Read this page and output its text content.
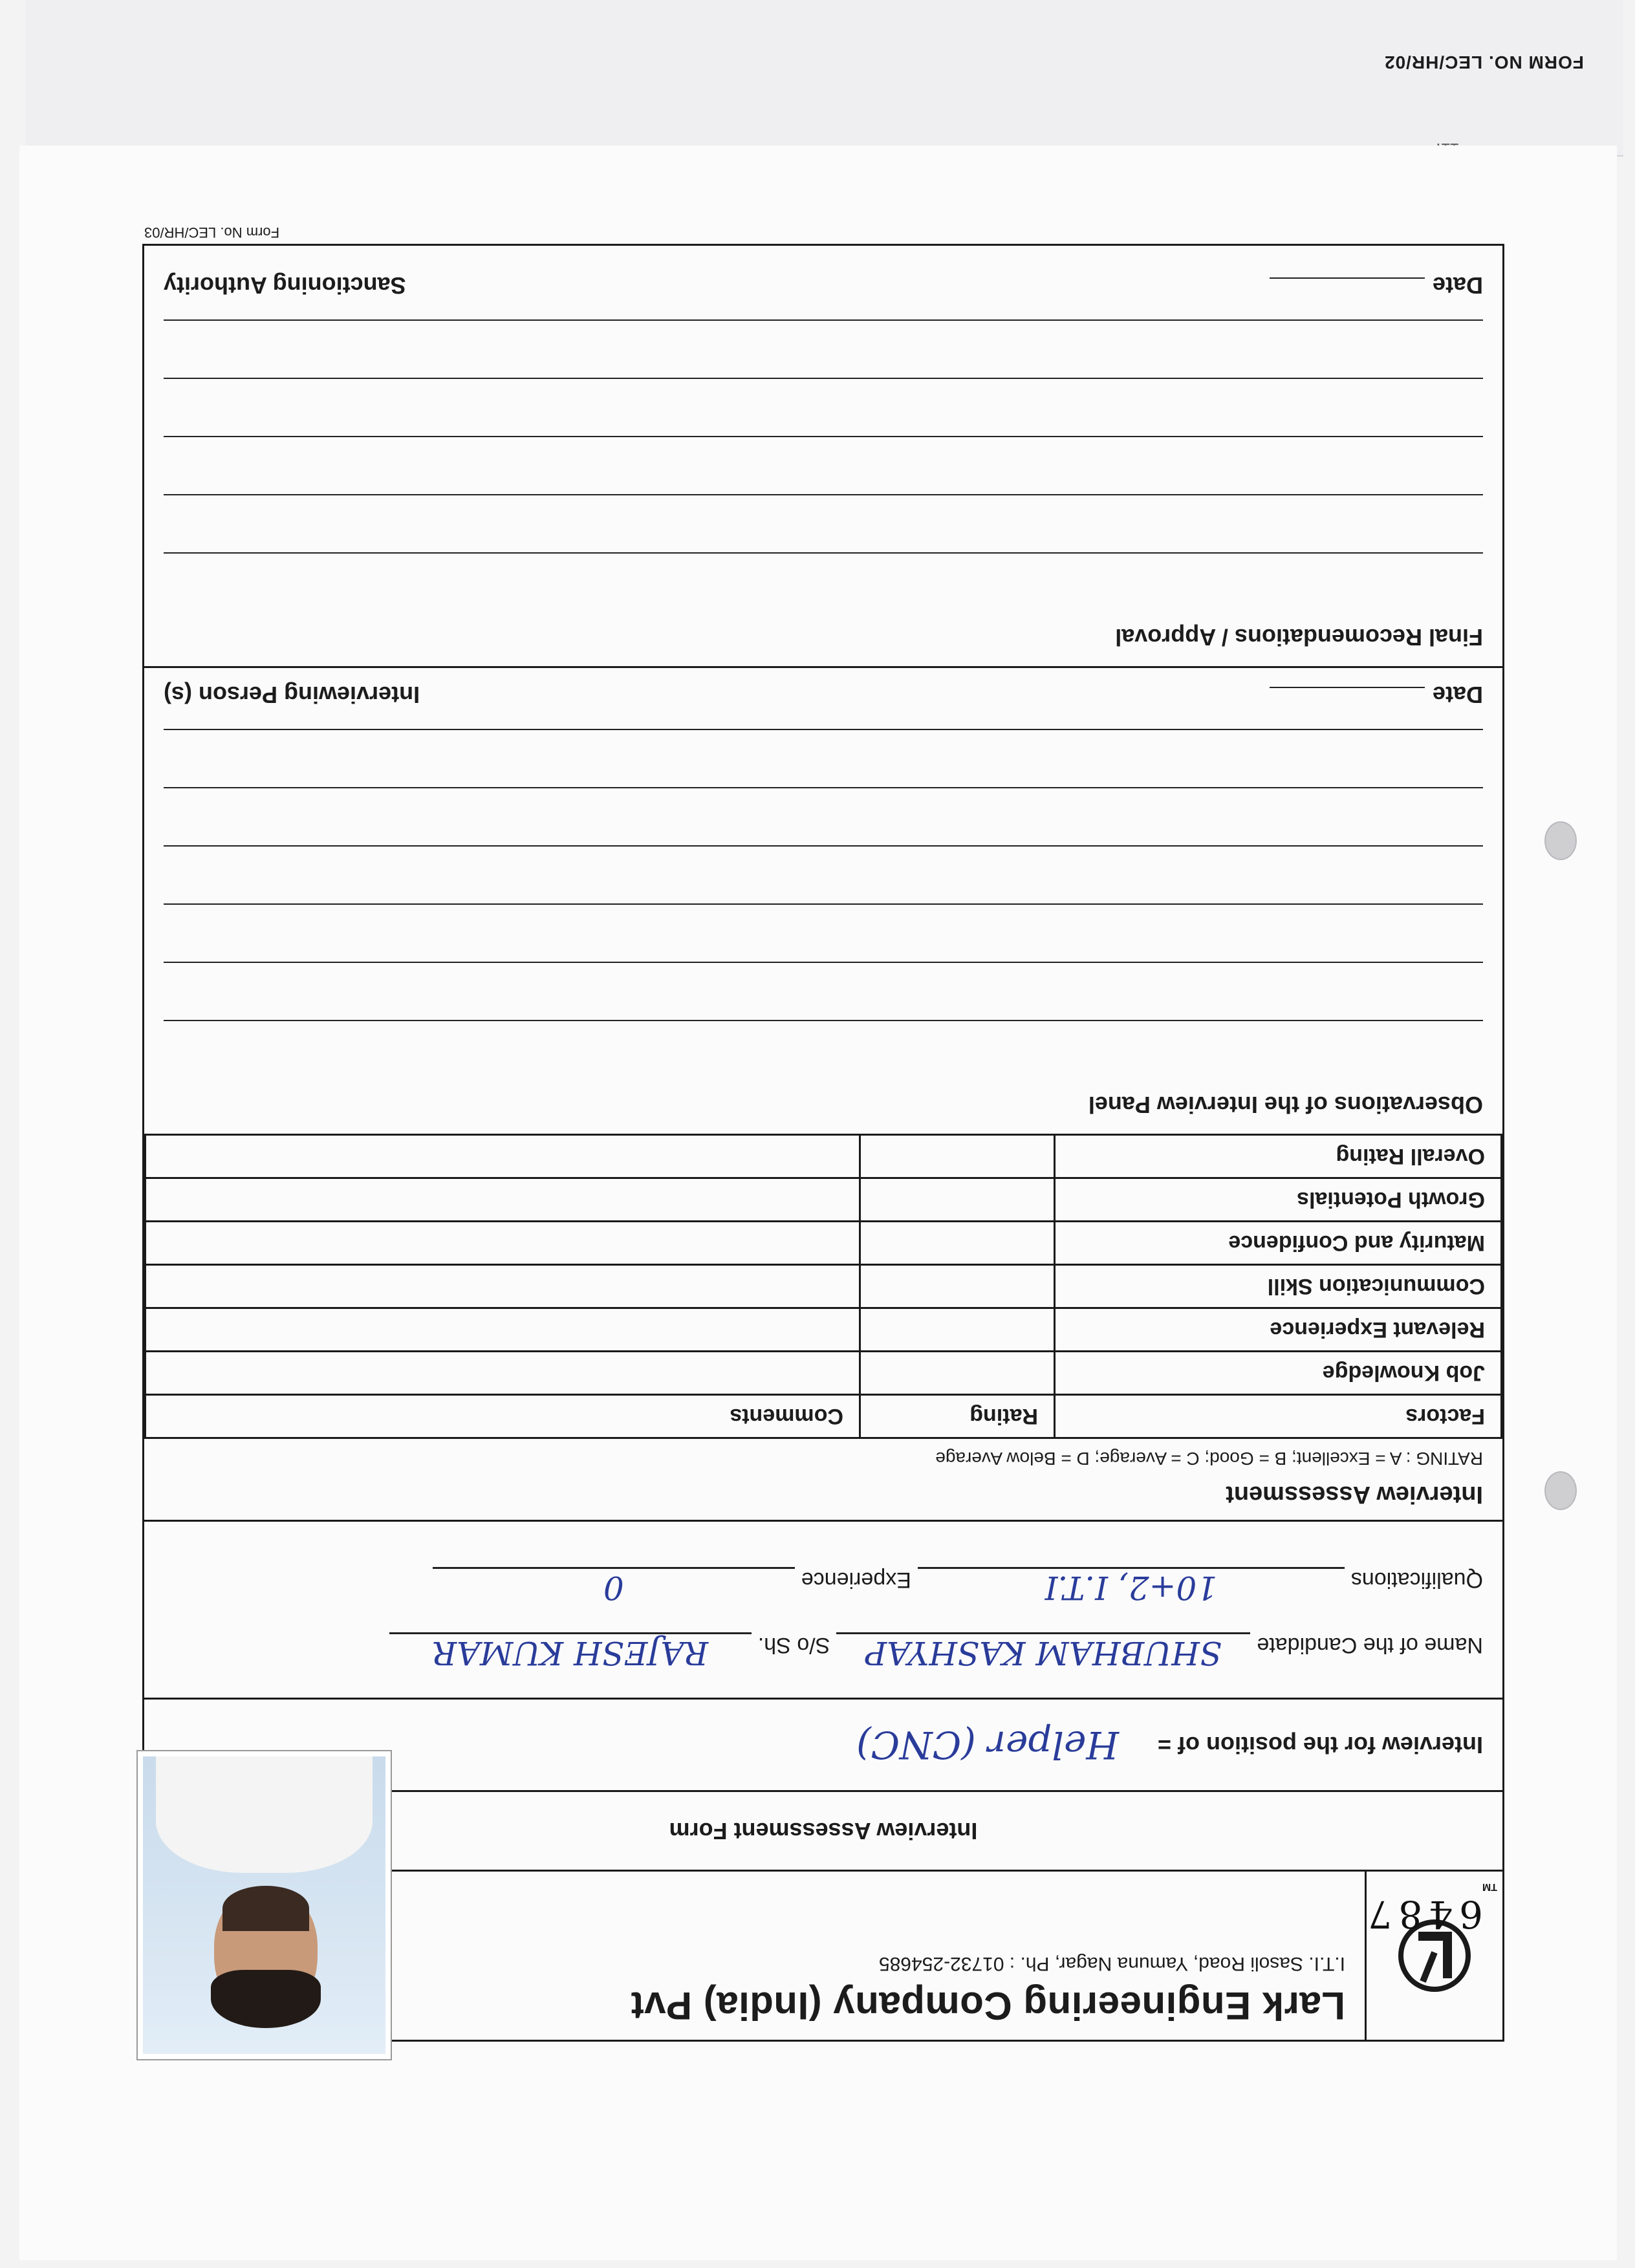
FORM NO. LEC/HR/02
TM
Lark Engineering Company (India) Pvt
I.T.I. Sasoli Road, Yamuna Nagar, Ph. : 01732-254685
6487
Interview Assessment Form
Interview for the position of =
Helper (CNC)
Name of the Candidate
SHUBHAM KASHYAP
S/o Sh.
RAJESH KUMAR
Qualifications
10+2, I.T.I
Experience
0
Interview Assessment
RATING : A = Excellent; B = Good; C = Average; D = Below Average
Factors	Rating	Comments
Job Knowledge		
Relevant Experience		
Communication Skill		
Maturity and Confidence		
Growth Potentials		
Overall Rating		
Observations of the Interview Panel
Date
Interviewing Person (s)
Final Recomendations / Approval
Date
Sanctioning Authority
Form No. LEC/HR/03
